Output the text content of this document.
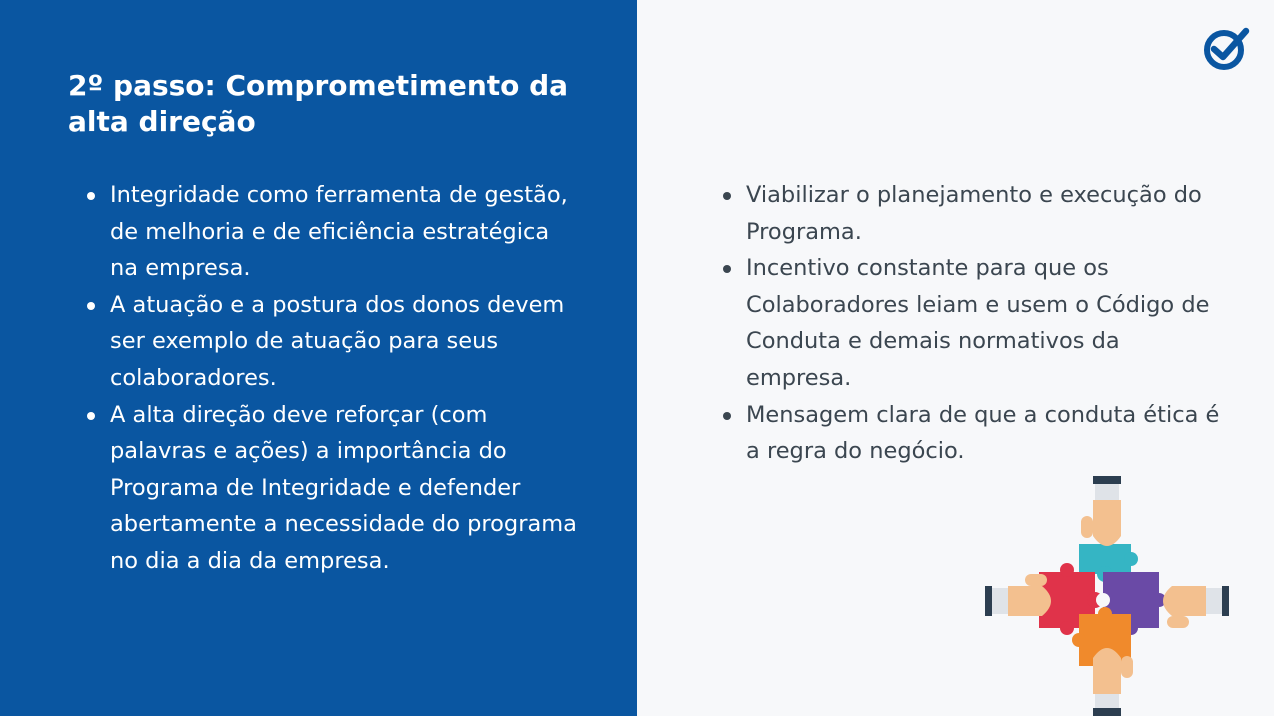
2º passo: Comprometimento da alta direção
Integridade como ferramenta de gestão, de melhoria e de eficiência estratégica na empresa.
A atuação e a postura dos donos devem ser exemplo de atuação para seus colaboradores.
A alta direção deve reforçar (com palavras e ações) a importância do Programa de Integridade e defender abertamente a necessidade do programa no dia a dia da empresa.
Viabilizar o planejamento e execução do Programa.
Incentivo constante para que os Colaboradores leiam e usem o Código de Conduta e demais normativos da empresa.
Mensagem clara de que a conduta ética é a regra do negócio.
